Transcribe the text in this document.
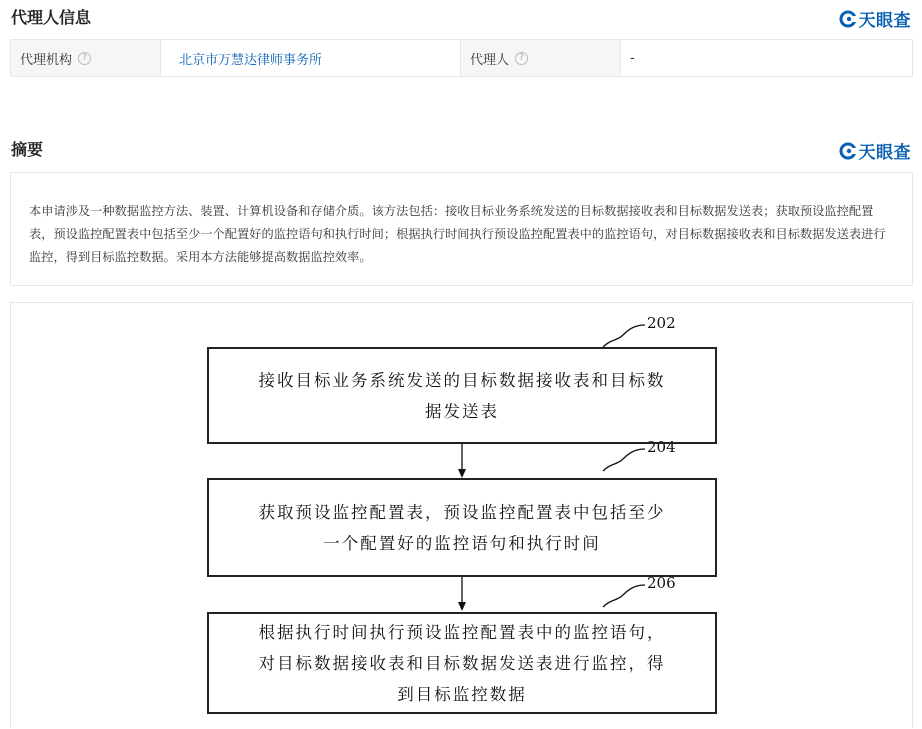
代理人信息	天眼查
代理机构	?	北京市万慧达律师事务所	代理人	?	-
摘要	天眼查
本申请涉及一种数据监控方法、装置、计算机设备和存储介质。该方法包括：接收目标业务系统发送的目标数据接收表和目标数据发送表；获取预设监控配置表，预设监控配置表中包括至少一个配置好的监控语句和执行时间；根据执行时间执行预设监控配置表中的监控语句，对目标数据接收表和目标数据发送表进行监控，得到目标监控数据。采用本方法能够提高数据监控效率。
202
204
206
接收目标业务系统发送的目标数据接收表和目标数
据发送表
获取预设监控配置表，预设监控配置表中包括至少
一个配置好的监控语句和执行时间
根据执行时间执行预设监控配置表中的监控语句，
对目标数据接收表和目标数据发送表进行监控，得
到目标监控数据
